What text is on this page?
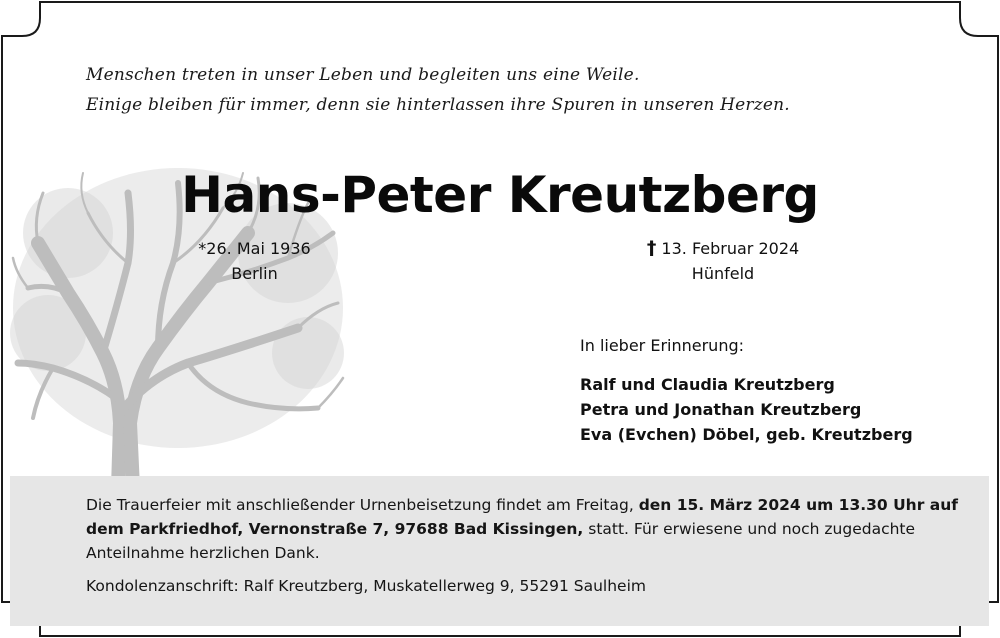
Menschen treten in unser Leben und begleiten uns eine Weile.
Einige bleiben für immer, denn sie hinterlassen ihre Spuren in unseren Herzen.
Hans-Peter Kreutzberg
*26. Mai 1936
Berlin
† 13. Februar 2024
Hünfeld
In lieber Erinnerung:
Ralf und Claudia Kreutzberg
Petra und Jonathan Kreutzberg
Eva (Evchen) Döbel, geb. Kreutzberg
Die Trauerfeier mit anschließender Urnenbeisetzung findet am Freitag, den 15. März 2024 um 13.30 Uhr auf dem Parkfriedhof, Vernonstraße 7, 97688 Bad Kissingen, statt. Für erwiesene und noch zugedachte Anteilnahme herzlichen Dank.
Kondolenzanschrift: Ralf Kreutzberg, Muskatellerweg 9, 55291 Saulheim
